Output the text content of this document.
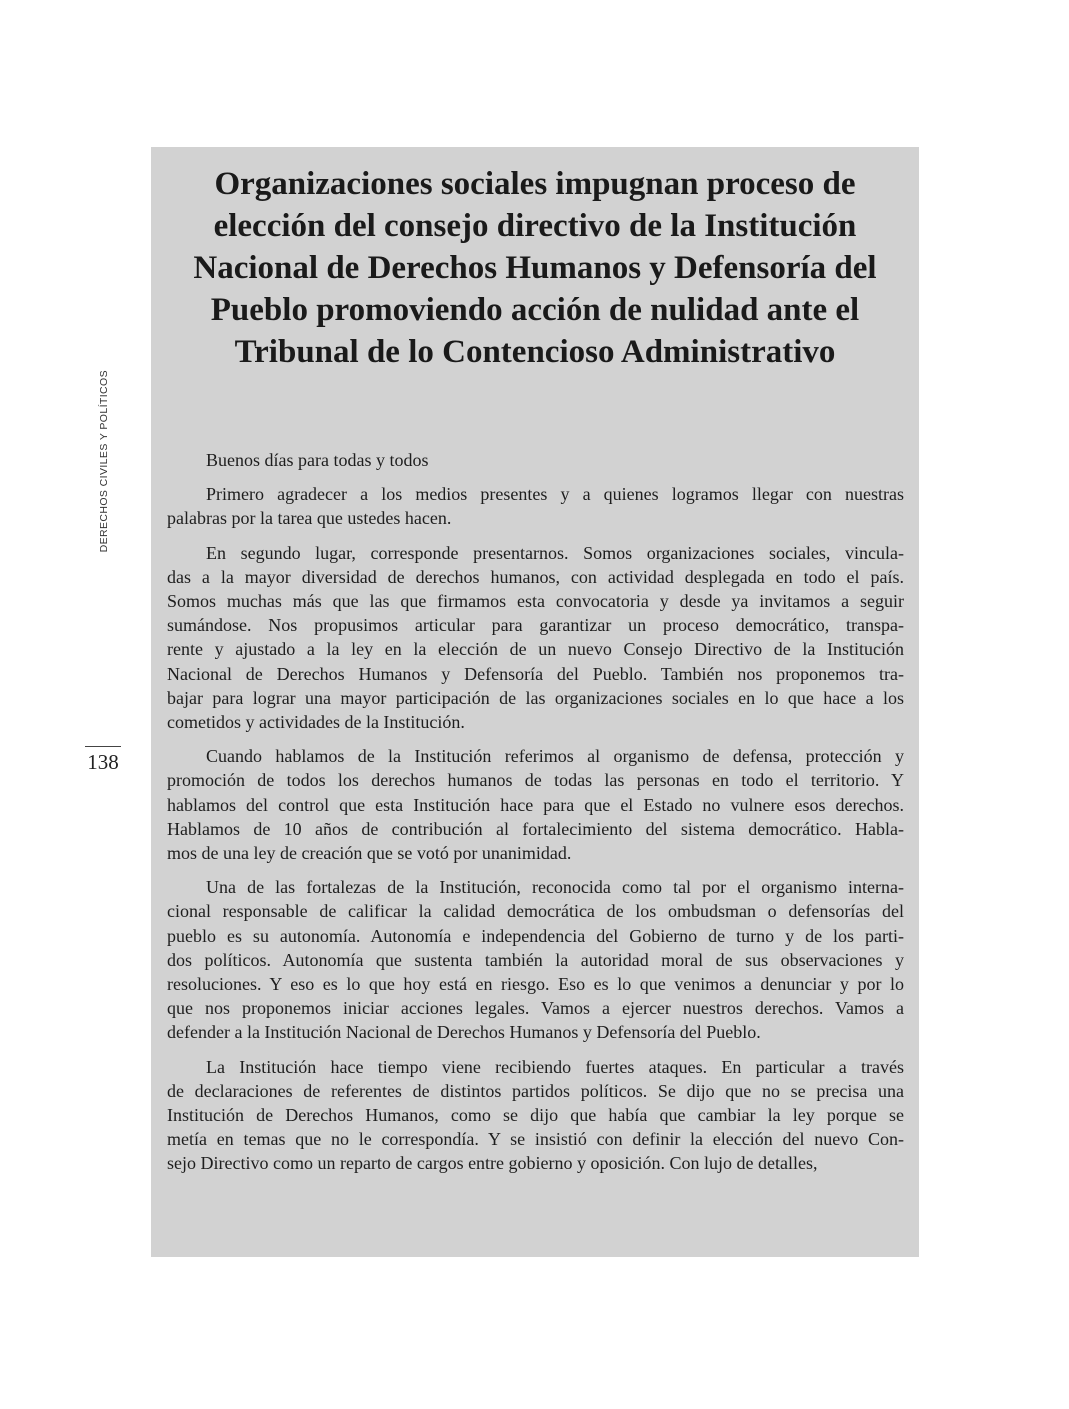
DERECHOS CIVILES Y POLÍTICOS
138
Organizaciones sociales impugnan proceso de
elección del consejo directivo de la Institución
Nacional de Derechos Humanos y Defensoría del
Pueblo promoviendo acción de nulidad ante el
Tribunal de lo Contencioso Administrativo

Buenos días para todas y todos

Primero agradecer a los medios presentes y a quienes logramos llegar con nuestras
palabras por la tarea que ustedes hacen.

En segundo lugar, corresponde presentarnos. Somos organizaciones sociales, vincula-
das a la mayor diversidad de derechos humanos, con actividad desplegada en todo el país.
Somos muchas más que las que firmamos esta convocatoria y desde ya invitamos a seguir
sumándose. Nos propusimos articular para garantizar un proceso democrático, transpa-
rente y ajustado a la ley en la elección de un nuevo Consejo Directivo de la Institución
Nacional de Derechos Humanos y Defensoría del Pueblo. También nos proponemos tra-
bajar para lograr una mayor participación de las organizaciones sociales en lo que hace a los
cometidos y actividades de la Institución.

Cuando hablamos de la Institución referimos al organismo de defensa, protección y
promoción de todos los derechos humanos de todas las personas en todo el territorio. Y
hablamos del control que esta Institución hace para que el Estado no vulnere esos derechos.
Hablamos de 10 años de contribución al fortalecimiento del sistema democrático. Habla-
mos de una ley de creación que se votó por unanimidad.

Una de las fortalezas de la Institución, reconocida como tal por el organismo interna-
cional responsable de calificar la calidad democrática de los ombudsman o defensorías del
pueblo es su autonomía. Autonomía e independencia del Gobierno de turno y de los parti-
dos políticos. Autonomía que sustenta también la autoridad moral de sus observaciones y
resoluciones. Y eso es lo que hoy está en riesgo. Eso es lo que venimos a denunciar y por lo
que nos proponemos iniciar acciones legales. Vamos a ejercer nuestros derechos. Vamos a
defender a la Institución Nacional de Derechos Humanos y Defensoría del Pueblo.

La Institución hace tiempo viene recibiendo fuertes ataques. En particular a través
de declaraciones de referentes de distintos partidos políticos. Se dijo que no se precisa una
Institución de Derechos Humanos, como se dijo que había que cambiar la ley porque se
metía en temas que no le correspondía. Y se insistió con definir la elección del nuevo Con-
sejo Directivo como un reparto de cargos entre gobierno y oposición. Con lujo de detalles,
